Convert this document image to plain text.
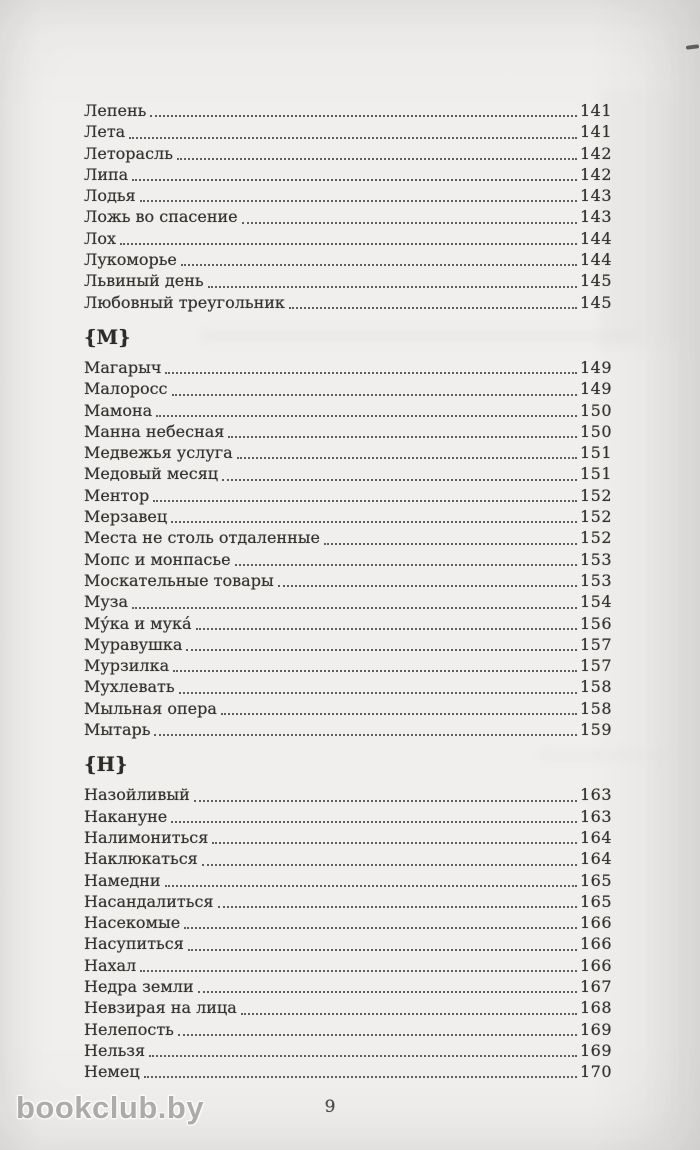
Лепень	141
Лета	141
Леторасль	142
Липа	142
Лодья	143
Ложь во спасение	143
Лох	144
Лукоморье	144
Львиный день	145
Любовный треугольник	145
{М}
Магарыч	149
Малоросс	149
Мамона	150
Манна небесная	150
Медвежья услуга	151
Медовый месяц	151
Ментор	152
Мерзавец	152
Места не столь отдаленные	152
Мопс и монпасье	153
Москательные товары	153
Муза	154
Му́ка и мука́	156
Муравушка	157
Мурзилка	157
Мухлевать	158
Мыльная опера	158
Мытарь	159
{Н}
Назойливый	163
Накануне	163
Налимониться	164
Наклюкаться	164
Намедни	165
Насандалиться	165
Насекомые	166
Насупиться	166
Нахал	166
Недра земли	167
Невзирая на лица	168
Нелепость	169
Нельзя	169
Немец	170
9
bookclub.by
